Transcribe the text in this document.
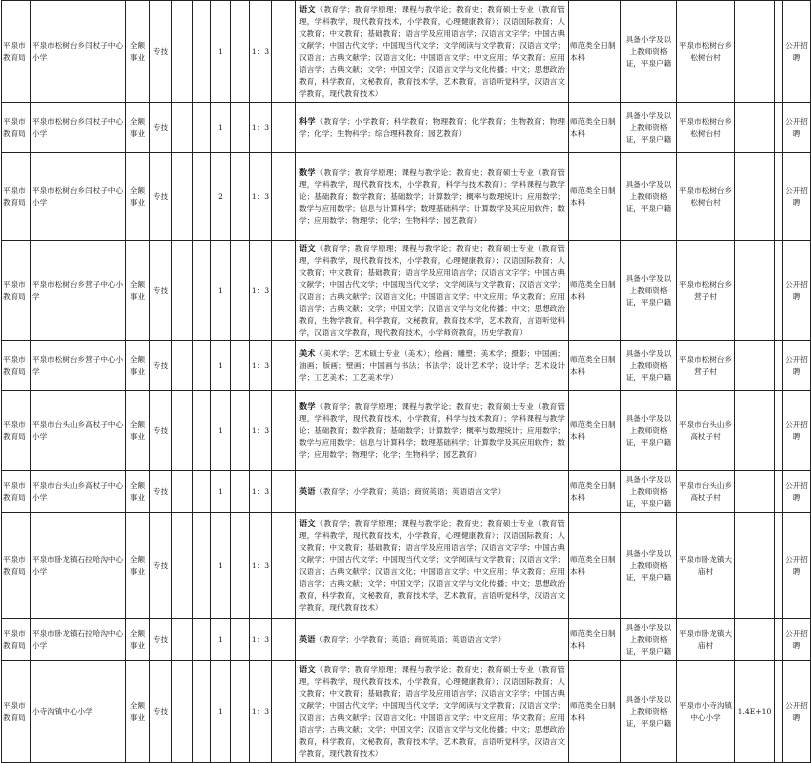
平泉市教育局	平泉市松树台乡闫杖子中心小学	全额事业	专技			1		1：3		语文（教育学；教育学原理；课程与教学论；教育史；教育硕士专业（教育管理，学科教学，现代教育技术，小学教育，心理健康教育）；汉语国际教育；人文教育；中文教育；基础教育；语言学及应用语言学；汉语言文字学；中国古典文献学；中国古代文学；中国现当代文学；文学阅读与文学教育；汉语言文学；汉语言；古典文献学；汉语言文化；中国语言文学；中文应用；华文教育；应用语言学；古典文献；文学；中国文学；汉语言文学与文化传播；中文；思想政治教育，科学教育，文秘教育，教育技术学，艺术教育，言语听觉科学，汉语言文学教育，现代教育技术）	师范类全日制本科	具备小学及以上教师资格证，平泉户籍	平泉市松树台乡松树台村			公开招聘
平泉市教育局	平泉市松树台乡闫杖子中心小学	全额事业	专技			1		1：3		科学（教育学；小学教育；科学教育；物理教育；化学教育；生物教育；物理学；化学；生物科学；综合理科教育；园艺教育）	师范类全日制本科	具备小学及以上教师资格证，平泉户籍	平泉市松树台乡松树台村			公开招聘
平泉市教育局	平泉市松树台乡闫杖子中心小学	全额事业	专技			2		1：3		数学（教育学；教育学原理；课程与教学论；教育史；教育硕士专业（教育管理，学科教学，现代教育技术，小学教育，科学与技术教育）；学科课程与教学论；基础教育；数学教育；基础数学；计算数学；概率与数理统计；应用数学；数学与应用数学；信息与计算科学；数理基础科学；计算数学及其应用软件；数学；应用数学；物理学；化学；生物科学；园艺教育）	师范类全日制本科	具备小学及以上教师资格证，平泉户籍	平泉市松树台乡松树台村			公开招聘
平泉市教育局	平泉市松树台乡营子中心小学	全额事业	专技			1		1：3		语文（教育学；教育学原理；课程与教学论；教育史；教育硕士专业（教育管理，学科教学，现代教育技术，小学教育，心理健康教育）；汉语国际教育；人文教育；中文教育；基础教育；语言学及应用语言学；汉语言文字学；中国古典文献学；中国古代文学；中国现当代文学；文学阅读与文学教育；汉语言文学；汉语言；古典文献学；汉语言文化；中国语言文学；中文应用；华文教育；应用语言学；古典文献；文学；中国文学；汉语言文学与文化传播；中文；思想政治教育，生物学教育，科学教育，文秘教育，教育技术学，艺术教育，言语听觉科学，汉语言文学教育，现代教育技术，小学师资教育，历史学教育）	师范类全日制本科	具备小学及以上教师资格证，平泉户籍	平泉市松树台乡营子村			公开招聘
平泉市教育局	平泉市松树台乡营子中心小学	全额事业	专技			1		1：3		美术（美术学；艺术硕士专业（美术）；绘画；雕塑；美术学；摄影；中国画；油画；版画；壁画；中国画与书法；书法学；设计艺术学；设计学；艺术设计学；工艺美术；工艺美术学）	师范类全日制本科	具备小学及以上教师资格证，平泉户籍	平泉市松树台乡营子村			公开招聘
平泉市教育局	平泉市台头山乡高杖子中心小学	全额事业	专技			1		1：3		数学（教育学；教育学原理；课程与教学论；教育史；教育硕士专业（教育管理，学科教学，现代教育技术，小学教育，科学与技术教育）；学科课程与教学论；基础教育；数学教育；基础数学；计算数学；概率与数理统计；应用数学；数学与应用数学；信息与计算科学；数理基础科学；计算数学及其应用软件；数学；应用数学；物理学；化学；生物科学；园艺教育）	师范类全日制本科	具备小学及以上教师资格证，平泉户籍	平泉市台头山乡高杖子村			公开招聘
平泉市教育局	平泉市台头山乡高杖子中心小学	全额事业	专技			1		1：3		英语（教育学；小学教育；英语；商贸英语；英语语言文学）	师范类全日制本科	具备小学及以上教师资格证，平泉户籍	平泉市台头山乡高杖子村			公开招聘
平泉市教育局	平泉市卧龙镇石拉哈沟中心小学	全额事业	专技			1		1：3		语文（教育学；教育学原理；课程与教学论；教育史；教育硕士专业（教育管理，学科教学，现代教育技术，小学教育，心理健康教育）；汉语国际教育；人文教育；中文教育；基础教育；语言学及应用语言学；汉语言文字学；中国古典文献学；中国古代文学；中国现当代文学；文学阅读与文学教育；汉语言文学；汉语言；古典文献学；汉语言文化；中国语言文学；中文应用；华文教育；应用语言学；古典文献；文学；中国文学；汉语言文学与文化传播；中文；思想政治教育，科学教育，文秘教育，教育技术学，艺术教育，言语听觉科学，汉语言文学教育，现代教育技术）	师范类全日制本科	具备小学及以上教师资格证，平泉户籍	平泉市卧龙镇大庙村			公开招聘
平泉市教育局	平泉市卧龙镇石拉哈沟中心小学	全额事业	专技			1		1：3		英语（教育学；小学教育；英语；商贸英语；英语语言文学）	师范类全日制本科	具备小学及以上教师资格证，平泉户籍	平泉市卧龙镇大庙村			公开招聘
平泉市教育局	小寺沟镇中心小学	全额事业	专技			1		1：3		语文（教育学；教育学原理；课程与教学论；教育史；教育硕士专业（教育管理，学科教学，现代教育技术，小学教育，心理健康教育）；汉语国际教育；人文教育；中文教育；基础教育；语言学及应用语言学；汉语言文字学；中国古典文献学；中国古代文学；中国现当代文学；文学阅读与文学教育；汉语言文学；汉语言；古典文献学；汉语言文化；中国语言文学；中文应用；华文教育；应用语言学；古典文献；文学；中国文学；汉语言文学与文化传播；中文；思想政治教育，科学教育，文秘教育，教育技术学，艺术教育，言语听觉科学，汉语言文学教育，现代教育技术）	师范类全日制本科	具备小学及以上教师资格证，平泉户籍	平泉市小寺沟镇中心小学	1.4E+10		公开招聘
